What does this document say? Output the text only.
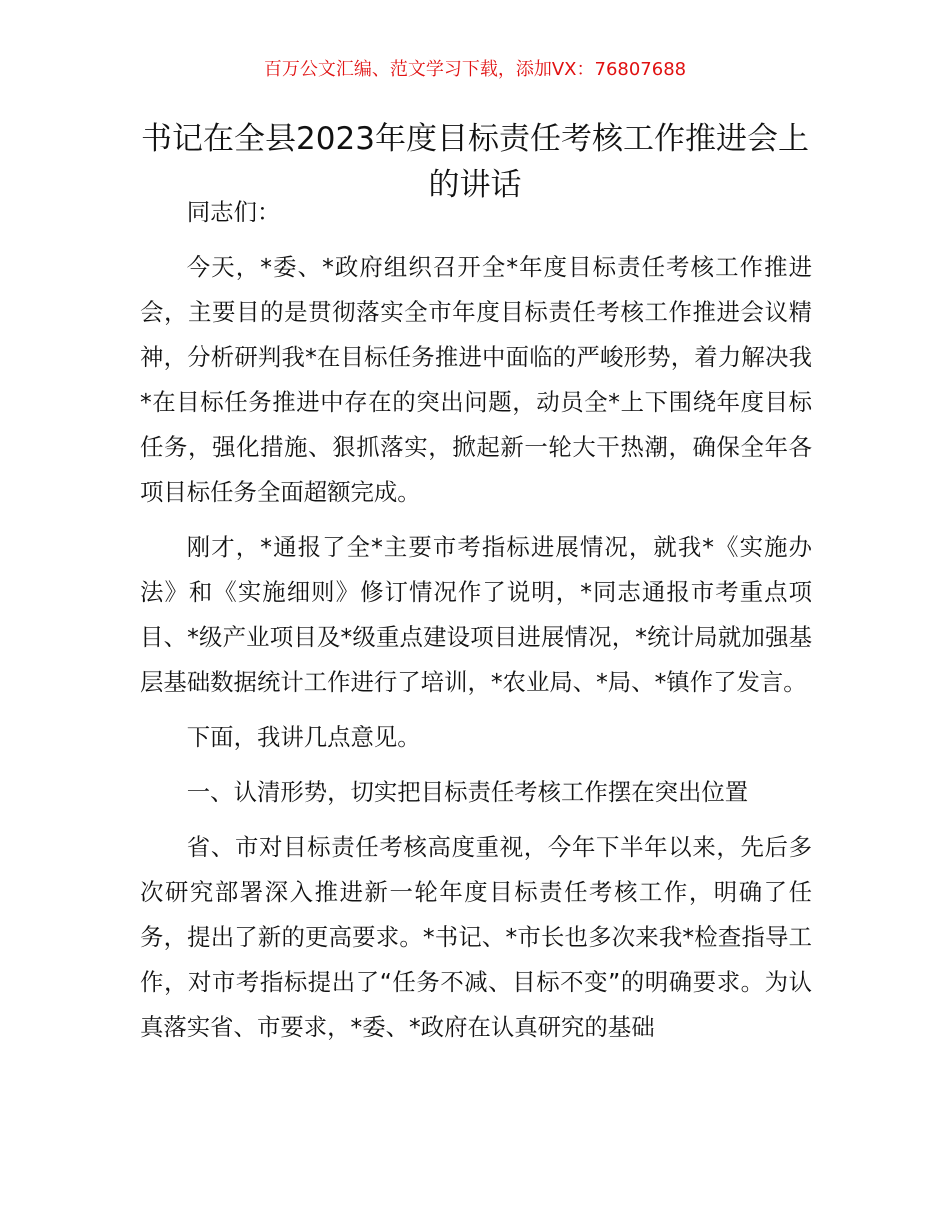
百万公文汇编、范文学习下载，添加VX：76807688
书记在全县2023年度目标责任考核工作推进会上的讲话

同志们：

今天，*委、*政府组织召开全*年度目标责任考核工作推进会，主要目的是贯彻落实全市年度目标责任考核工作推进会议精神，分析研判我*在目标任务推进中面临的严峻形势，着力解决我*在目标任务推进中存在的突出问题，动员全*上下围绕年度目标任务，强化措施、狠抓落实，掀起新一轮大干热潮，确保全年各项目标任务全面超额完成。

刚才，*通报了全*主要市考指标进展情况，就我*《实施办法》和《实施细则》修订情况作了说明，*同志通报市考重点项目、*级产业项目及*级重点建设项目进展情况，*统计局就加强基层基础数据统计工作进行了培训，*农业局、*局、*镇作了发言。

下面，我讲几点意见。

一、认清形势，切实把目标责任考核工作摆在突出位置

省、市对目标责任考核高度重视，今年下半年以来，先后多次研究部署深入推进新一轮年度目标责任考核工作，明确了任务，提出了新的更高要求。*书记、*市长也多次来我*检查指导工作，对市考指标提出了“任务不减、目标不变”的明确要求。为认真落实省、市要求，*委、*政府在认真研究的基础
